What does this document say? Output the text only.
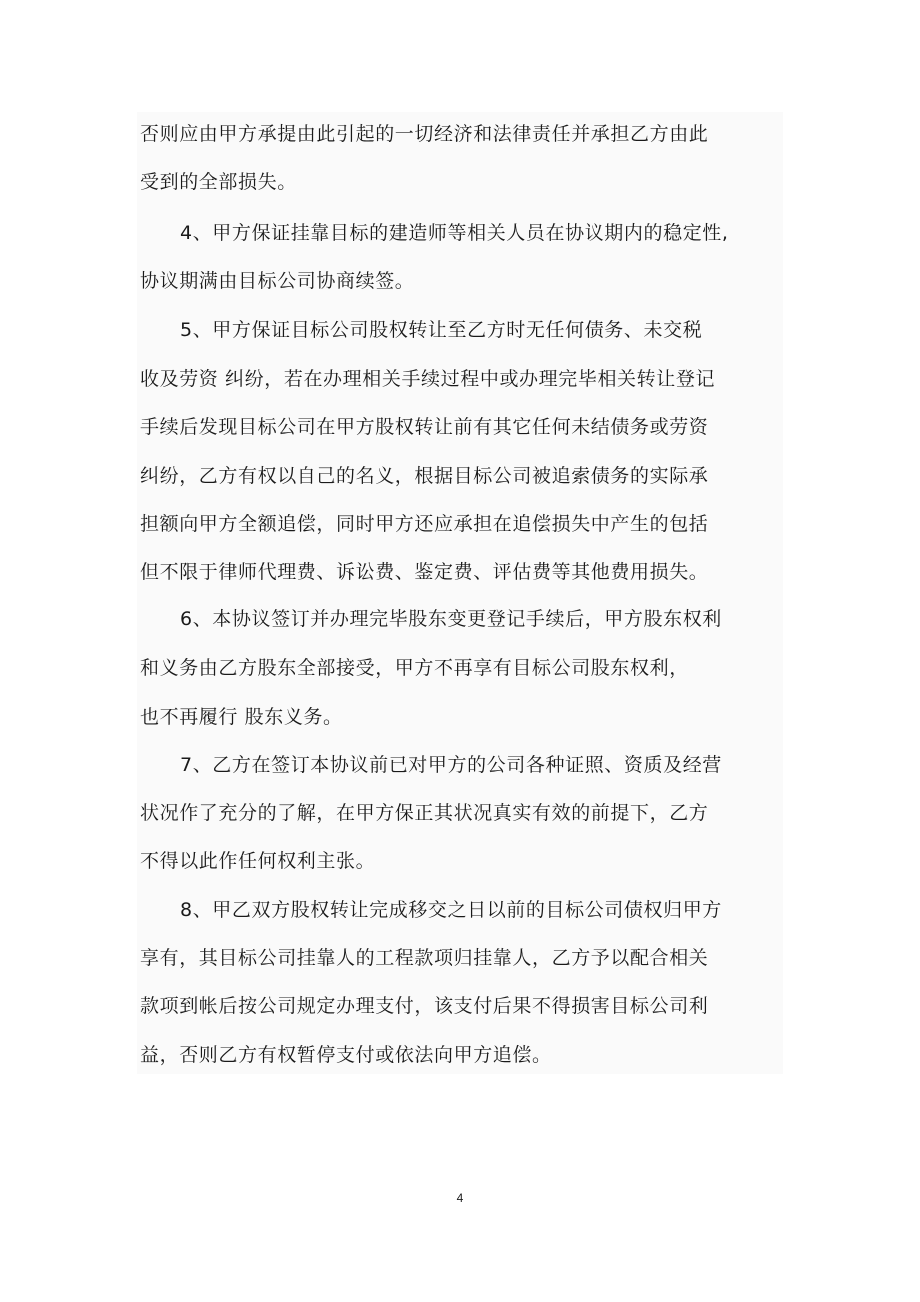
否则应由甲方承提由此引起的一切经济和法律责任并承担乙方由此
受到的全部损失。
4、甲方保证挂靠目标的建造师等相关人员在协议期内的稳定性,
协议期满由目标公司协商续签。
5、甲方保证目标公司股权转让至乙方时无任何债务、未交税
收及劳资 纠纷，若在办理相关手续过程中或办理完毕相关转让登记
手续后发现目标公司在甲方股权转让前有其它任何未结债务或劳资
纠纷，乙方有权以自己的名义，根据目标公司被追索债务的实际承
担额向甲方全额追偿，同时甲方还应承担在追偿损失中产生的包括
但不限于律师代理费、诉讼费、鉴定费、评估费等其他费用损失。
6、本协议签订并办理完毕股东变更登记手续后，甲方股东权利
和义务由乙方股东全部接受，甲方不再享有目标公司股东权利，
也不再履行 股东义务。
7、乙方在签订本协议前已对甲方的公司各种证照、资质及经营
状况作了充分的了解，在甲方保正其状况真实有效的前提下，乙方
不得以此作任何权利主张。
8、甲乙双方股权转让完成移交之日以前的目标公司债权归甲方
享有，其目标公司挂靠人的工程款项归挂靠人，乙方予以配合相关
款项到帐后按公司规定办理支付，该支付后果不得损害目标公司利
益，否则乙方有权暂停支付或依法向甲方追偿。
4
